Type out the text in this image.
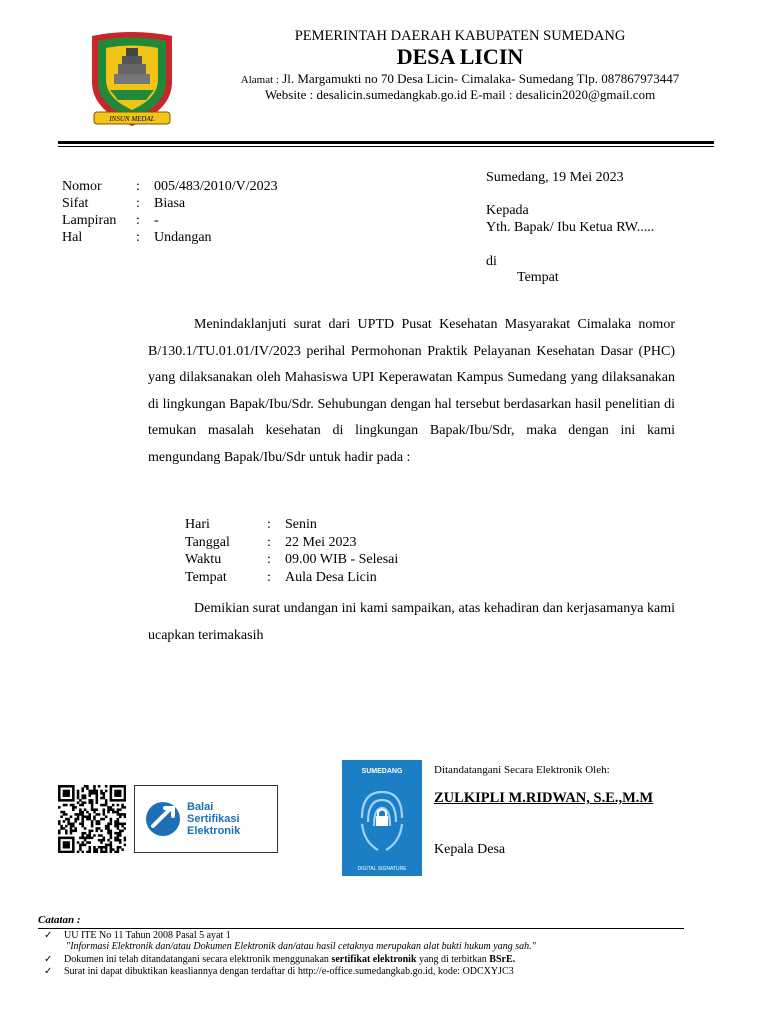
INSUN MEDAL
PEMERINTAH DAERAH KABUPATEN SUMEDANG
DESA LICIN
Alamat : Jl. Margamukti no 70 Desa Licin- Cimalaka- Sumedang Tlp. 087867973447
Website : desalicin.sumedangkab.go.id E-mail : desalicin2020@gmail.com
Nomor : 005/483/2010/V/2023
Sifat	: Biasa
Lampiran : -
Hal	: Undangan
Sumedang, 19 Mei 2023
Kepada
Yth. Bapak/ Ibu Ketua RW.....
di
Tempat
Menindaklanjuti surat dari UPTD Pusat Kesehatan Masyarakat Cimalaka nomor B/130.1/TU.01.01/IV/2023 perihal Permohonan Praktik Pelayanan Kesehatan Dasar (PHC) yang dilaksanakan oleh Mahasiswa UPI Keperawatan Kampus Sumedang yang dilaksanakan di lingkungan Bapak/Ibu/Sdr. Sehubungan dengan hal tersebut berdasarkan hasil penelitian di temukan masalah kesehatan di lingkungan Bapak/Ibu/Sdr, maka dengan ini kami mengundang Bapak/Ibu/Sdr untuk hadir pada :
Hari	: Senin
Tanggal	: 22 Mei 2023
Waktu	: 09.00 WIB - Selesai
Tempat	: Aula Desa Licin
Demikian surat undangan ini kami sampaikan, atas kehadiran dan kerjasamanya kami ucapkan terimakasih
Balai
Sertifikasi
Elektronik
SUMEDANG
DIGITAL SIGNATURE
Ditandatangani Secara Elektronik Oleh:
ZULKIPLI M.RIDWAN, S.E.,M.M
Kepala Desa
Catatan :
✓ UU ITE No 11 Tahun 2008 Pasal 5 ayat 1
"Informasi Elektronik dan/atau Dokumen Elektronik dan/atau hasil cetaknya merupakan alat bukti hukum yang sah."
✓ Dokumen ini telah ditandatangani secara elektronik menggunakan sertifikat elektronik yang di terbitkan BSrE.
✓ Surat ini dapat dibuktikan keasliannya dengan terdaftar di http://e-office.sumedangkab.go.id, kode: ODCXYJC3
